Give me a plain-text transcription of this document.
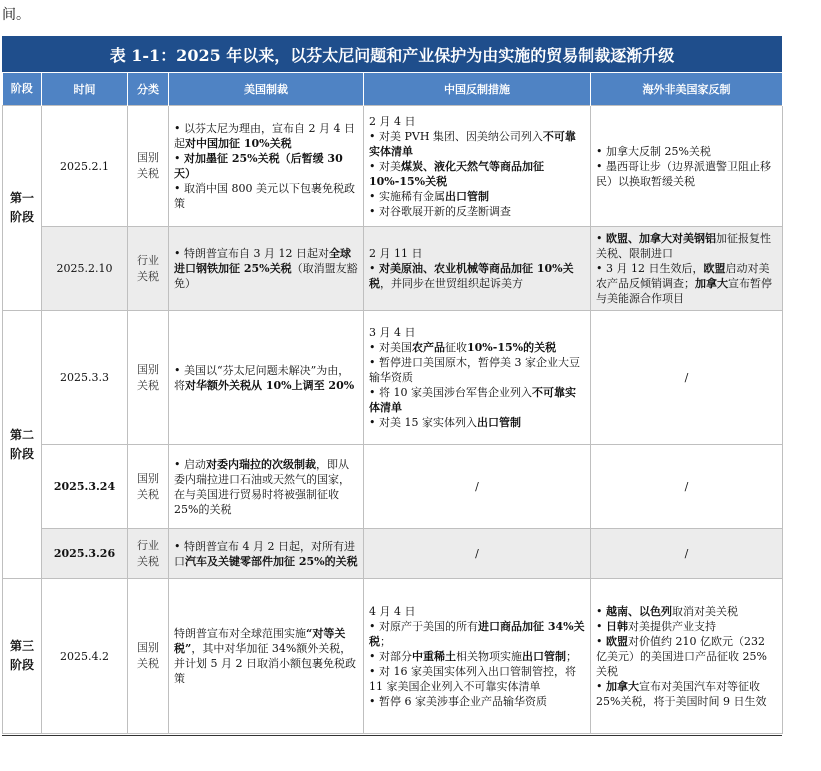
间。
表 1-1：2025 年以来，以芬太尼问题和产业保护为由实施的贸易制裁逐渐升级
阶段	时间	分类	美国制裁	中国反制措施	海外非美国家反制
第一阶段	2025.2.1	国别关税	• 以芬太尼为理由，宣布自 2 月 4 日起对中国加征 10%关税
• 对加墨征 25%关税（后暂缓 30 天）
• 取消中国 800 美元以下包裹免税政策	2 月 4 日
• 对美 PVH 集团、因美纳公司列入不可靠实体清单
• 对美煤炭、液化天然气等商品加征 10%-15%关税
• 实施稀有金属出口管制
• 对谷歌展开新的反垄断调查	• 加拿大反制 25%关税
• 墨西哥让步（边界派遣警卫阻止移民）以换取暂缓关税
	2025.2.10	行业关税	• 特朗普宣布自 3 月 12 日起对全球进口钢铁加征 25%关税（取消盟友豁免）	2 月 11 日
• 对美原油、农业机械等商品加征 10%关税，并同步在世贸组织起诉美方	• 欧盟、加拿大对美钢铝加征报复性关税、限制进口
• 3 月 12 日生效后，欧盟启动对美农产品反倾销调查；加拿大宣布暂停与美能源合作项目
第二阶段	2025.3.3	国别关税	• 美国以“芬太尼问题未解决”为由，将对华额外关税从 10%上调至 20%	3 月 4 日
• 对美国农产品征收10%-15%的关税
• 暂停进口美国原木，暂停美 3 家企业大豆输华资质
• 将 10 家美国涉台军售企业列入不可靠实体清单
• 对美 15 家实体列入出口管制	/
	2025.3.24	国别关税	• 启动对委内瑞拉的次级制裁，即从委内瑞拉进口石油或天然气的国家，在与美国进行贸易时将被强制征收 25%的关税	/	/
	2025.3.26	行业关税	• 特朗普宣布 4 月 2 日起，对所有进口汽车及关键零部件加征 25%的关税	/	/
第三阶段	2025.4.2	国别关税	特朗普宣布对全球范围实施“对等关税”，其中对华加征 34%额外关税，并计划 5 月 2 日取消小额包裹免税政策	4 月 4 日
• 对原产于美国的所有进口商品加征 34%关税；
• 对部分中重稀土相关物项实施出口管制；
• 对 16 家美国实体列入出口管制管控，将 11 家美国企业列入不可靠实体清单
• 暂停 6 家美涉事企业产品输华资质	• 越南、以色列取消对美关税
• 日韩对美提供产业支持
• 欧盟对价值约 210 亿欧元（232 亿美元）的美国进口产品征收 25%关税
• 加拿大宣布对美国汽车对等征收 25%关税，将于美国时间 9 日生效
